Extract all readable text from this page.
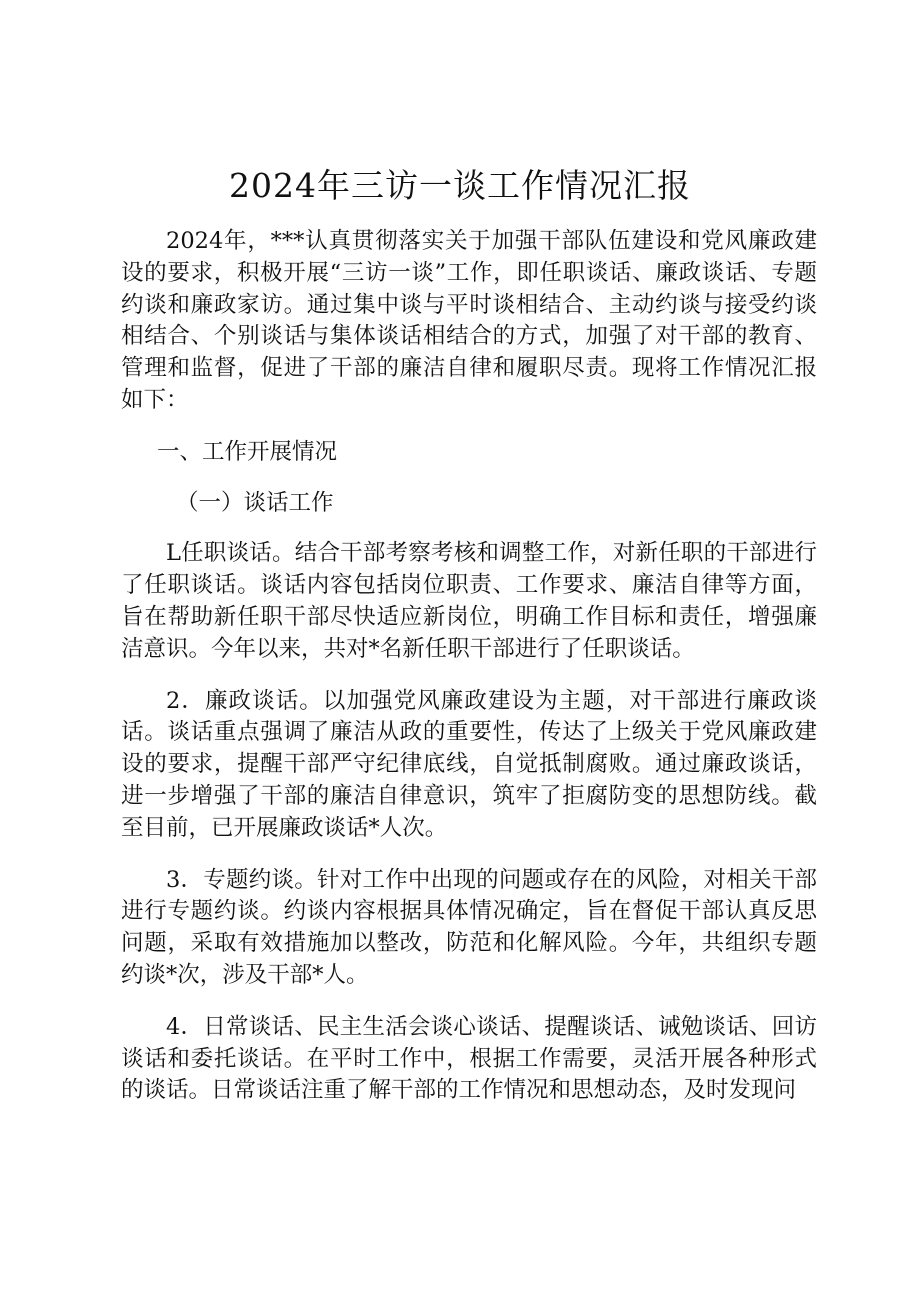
2024年三访一谈工作情况汇报

2024年，***认真贯彻落实关于加强干部队伍建设和党风廉政建设的要求，积极开展“三访一谈”工作，即任职谈话、廉政谈话、专题约谈和廉政家访。通过集中谈与平时谈相结合、主动约谈与接受约谈相结合、个别谈话与集体谈话相结合的方式，加强了对干部的教育、管理和监督，促进了干部的廉洁自律和履职尽责。现将工作情况汇报如下：

一、工作开展情况

（一）谈话工作

L任职谈话。结合干部考察考核和调整工作，对新任职的干部进行了任职谈话。谈话内容包括岗位职责、工作要求、廉洁自律等方面，旨在帮助新任职干部尽快适应新岗位，明确工作目标和责任，增强廉洁意识。今年以来，共对*名新任职干部进行了任职谈话。

2．廉政谈话。以加强党风廉政建设为主题，对干部进行廉政谈话。谈话重点强调了廉洁从政的重要性，传达了上级关于党风廉政建设的要求，提醒干部严守纪律底线，自觉抵制腐败。通过廉政谈话，进一步增强了干部的廉洁自律意识，筑牢了拒腐防变的思想防线。截至目前，已开展廉政谈话*人次。

3．专题约谈。针对工作中出现的问题或存在的风险，对相关干部进行专题约谈。约谈内容根据具体情况确定，旨在督促干部认真反思问题，采取有效措施加以整改，防范和化解风险。今年，共组织专题约谈*次，涉及干部*人。

4．日常谈话、民主生活会谈心谈话、提醒谈话、诫勉谈话、回访谈话和委托谈话。在平时工作中，根据工作需要，灵活开展各种形式的谈话。日常谈话注重了解干部的工作情况和思想动态，及时发现问
